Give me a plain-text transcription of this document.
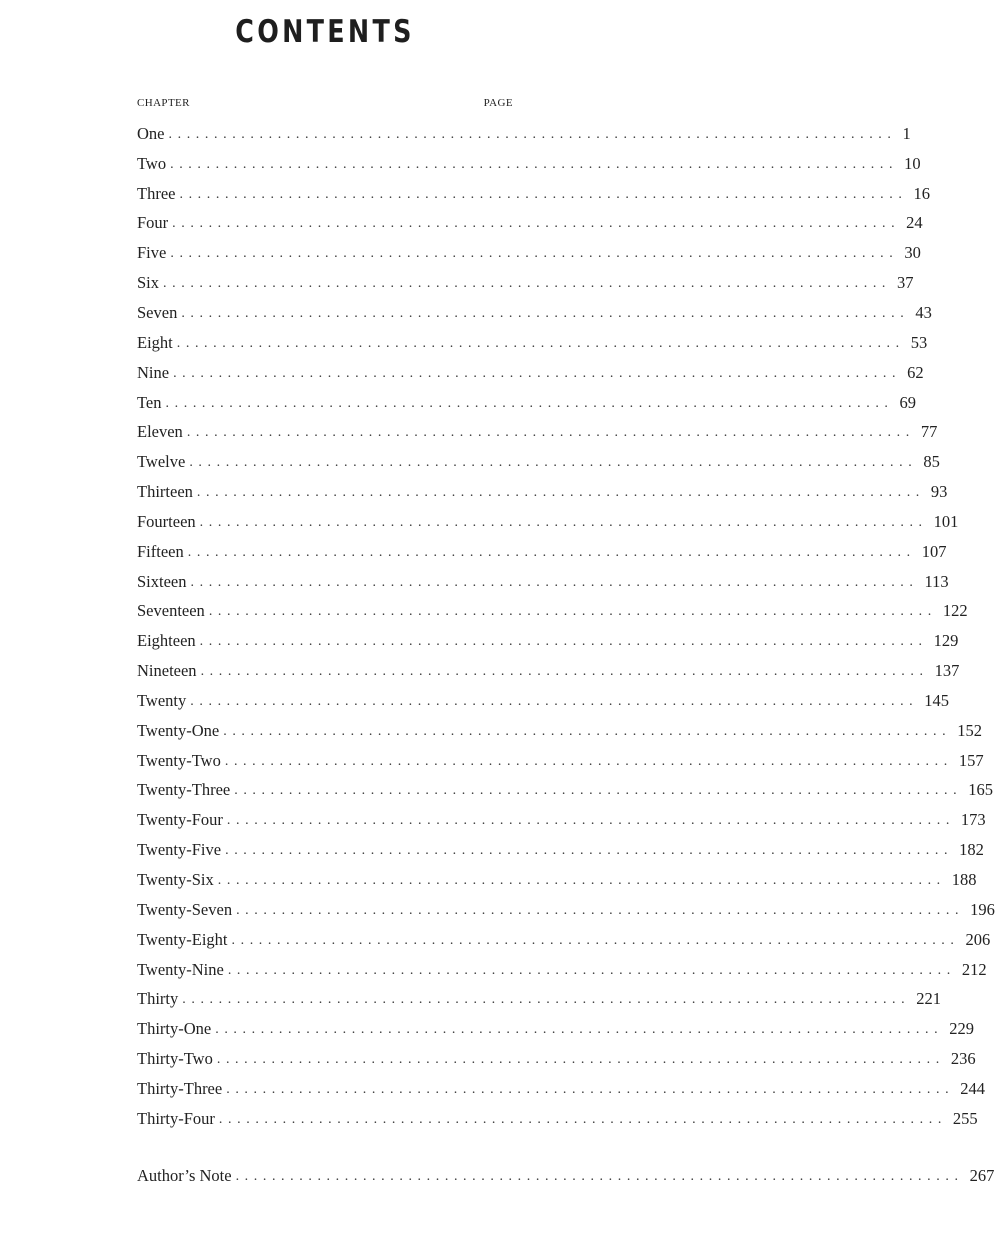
CONTENTS
CHAPTER	PAGE
One ................................................................................ 1
Two ................................................................................ 10
Three ................................................................................ 16
Four ................................................................................ 24
Five ................................................................................ 30
Six ................................................................................ 37
Seven ................................................................................ 43
Eight ................................................................................ 53
Nine ................................................................................ 62
Ten ................................................................................ 69
Eleven ................................................................................ 77
Twelve ................................................................................ 85
Thirteen ................................................................................ 93
Fourteen ................................................................................ 101
Fifteen ................................................................................ 107
Sixteen ................................................................................ 113
Seventeen ................................................................................ 122
Eighteen ................................................................................ 129
Nineteen ................................................................................ 137
Twenty ................................................................................ 145
Twenty-One ................................................................................ 152
Twenty-Two ................................................................................ 157
Twenty-Three ................................................................................ 165
Twenty-Four ................................................................................ 173
Twenty-Five ................................................................................ 182
Twenty-Six ................................................................................ 188
Twenty-Seven ................................................................................ 196
Twenty-Eight ................................................................................ 206
Twenty-Nine ................................................................................ 212
Thirty ................................................................................ 221
Thirty-One ................................................................................ 229
Thirty-Two ................................................................................ 236
Thirty-Three ................................................................................ 244
Thirty-Four ................................................................................ 255
Author’s Note ................................................................................ 267
